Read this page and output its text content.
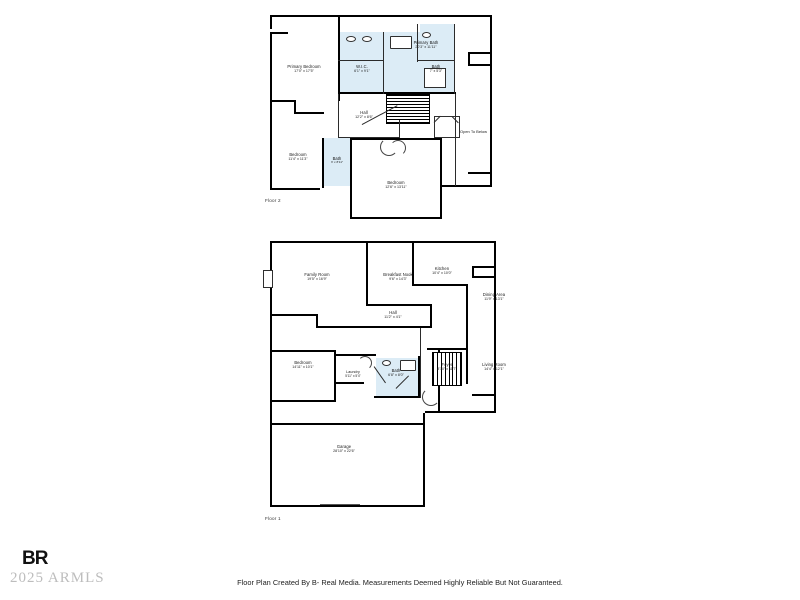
Primary Bedroom
17'0" x 17'5"
Primary Bath
20'3" x 11'11"
W.I.C.
6'1" x 9'1"
Bath
7' x 5'3"
Hall
12'2" x 8'6"
Bedroom
11'4" x 11'3"	Bath
3' x 8'11"
Bedroom
12'6" x 13'11"
Open To Below
Floor 2
Family Room
19'5" x 16'9"
Breakfast Nook
9'6" x 14'3"
Kitchen
10'4" x 10'0"
Dining Area
11'9" x 13'1"
Hall
11'2" x 4'1"
Bedroom
14'11" x 10'1"
Laundry
5'11" x 5'4"
Bath
6'8" x 8'0"
Foyer
8'10" x 11'7"
Living Room
14'4" x 12'1"
Garage
28'10" x 22'6"
Floor 1
Floor Plan Created By B- Real Media. Measurements Deemed Highly Reliable But Not Guaranteed.
BR
2025 ARMLS
